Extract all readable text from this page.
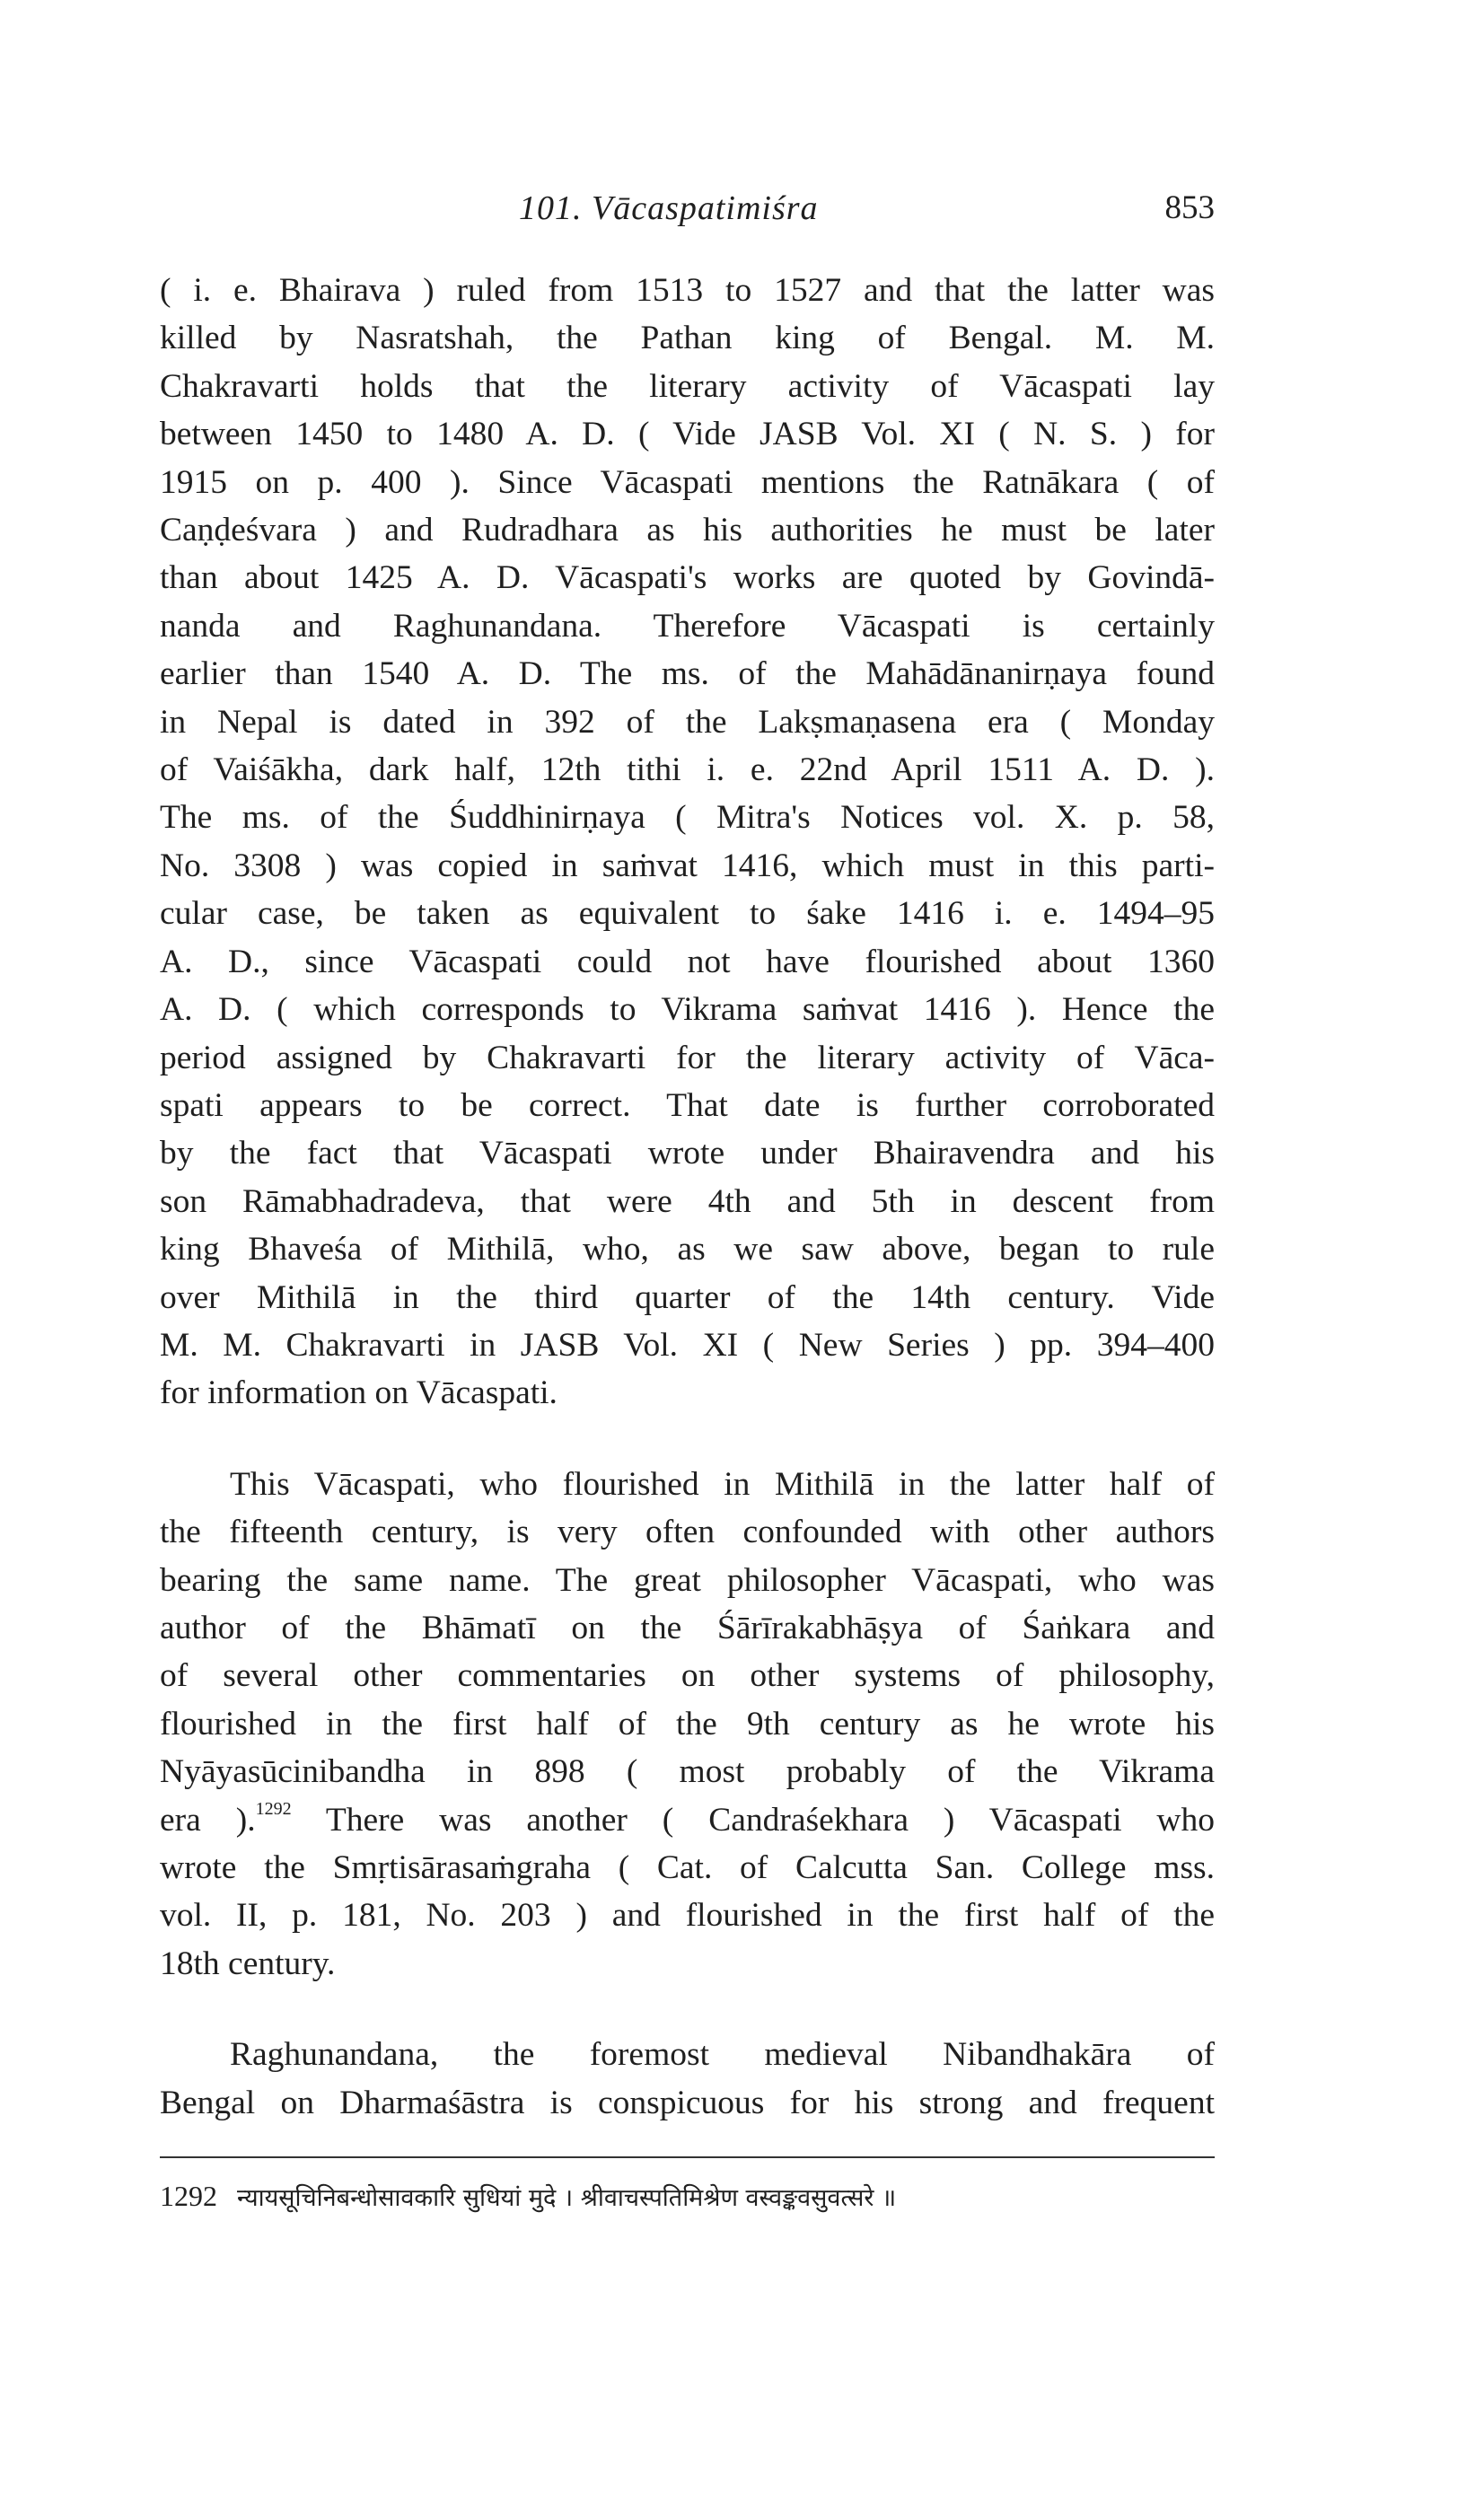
101. Vācaspatimiśra	853

( i. e. Bhairava ) ruled from 1513 to 1527 and that the latter was
killed by Nasratshah, the Pathan king of Bengal. M. M.
Chakravarti holds that the literary activity of Vācaspati lay
between 1450 to 1480 A. D. ( Vide JASB Vol. XI ( N. S. ) for
1915 on p. 400 ). Since Vācaspati mentions the Ratnākara ( of
Caṇḍeśvara ) and Rudradhara as his authorities he must be later
than about 1425 A. D. Vācaspati's works are quoted by Govindā-
nanda and Raghunandana. Therefore Vācaspati is certainly
earlier than 1540 A. D. The ms. of the Mahādānanirṇaya found
in Nepal is dated in 392 of the Lakṣmaṇasena era ( Monday
of Vaiśākha, dark half, 12th tithi i. e. 22nd April 1511 A. D. ).
The ms. of the Śuddhinirṇaya ( Mitra's Notices vol. X. p. 58,
No. 3308 ) was copied in saṁvat 1416, which must in this parti-
cular case, be taken as equivalent to śake 1416 i. e. 1494–95
A. D., since Vācaspati could not have flourished about 1360
A. D. ( which corresponds to Vikrama saṁvat 1416 ). Hence the
period assigned by Chakravarti for the literary activity of Vāca-
spati appears to be correct. That date is further corroborated
by the fact that Vācaspati wrote under Bhairavendra and his
son Rāmabhadradeva, that were 4th and 5th in descent from
king Bhaveśa of Mithilā, who, as we saw above, began to rule
over Mithilā in the third quarter of the 14th century. Vide
M. M. Chakravarti in JASB Vol. XI ( New Series ) pp. 394–400
for information on Vācaspati.

This Vācaspati, who flourished in Mithilā in the latter half of
the fifteenth century, is very often confounded with other authors
bearing the same name. The great philosopher Vācaspati, who was
author of the Bhāmatī on the Śārīrakabhāṣya of Śaṅkara and
of several other commentaries on other systems of philosophy,
flourished in the first half of the 9th century as he wrote his
Nyāyasūcinibandha in 898 ( most probably of the Vikrama
era ).$^{1292}$ There was another ( Candraśekhara ) Vācaspati who
wrote the Smṛtisārasaṁgraha ( Cat. of Calcutta San. College mss.
vol. II, p. 181, No. 203 ) and flourished in the first half of the
18th century.

Raghunandana, the foremost medieval Nibandhakāra of
Bengal on Dharmaśāstra is conspicuous for his strong and frequent

1292 न्यायसूचिनिबन्धोसावकारि सुधियां मुदे । श्रीवाचस्पतिमिश्रेण वस्वङ्कवसुवत्सरे ॥
